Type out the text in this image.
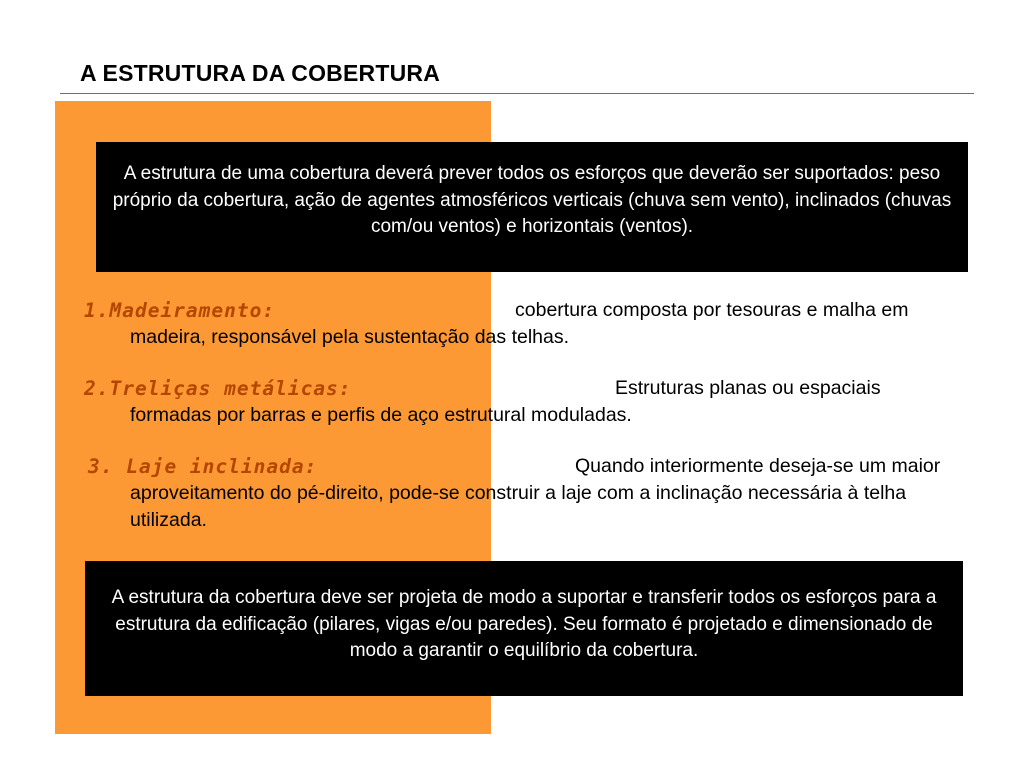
A ESTRUTURA DA COBERTURA
A estrutura de uma cobertura deverá prever todos os esforços que deverão ser suportados: peso próprio da cobertura, ação de agentes atmosféricos verticais (chuva sem vento), inclinados (chuvas com/ou ventos) e horizontais (ventos).
1.Madeiramento:	cobertura composta por tesouras e malha em madeira, responsável pela sustentação das telhas.
2.Treliças metálicas:	Estruturas planas ou espaciais formadas por barras e perfis de aço estrutural moduladas.
3. Laje inclinada:	Quando interiormente deseja-se um maior aproveitamento do pé-direito, pode-se construir a laje com a inclinação necessária à telha utilizada.
A estrutura da cobertura deve ser projeta de modo a suportar e transferir todos os esforços para a estrutura da edificação (pilares, vigas e/ou paredes). Seu formato é projetado e dimensionado de modo a garantir o equilíbrio da cobertura.
